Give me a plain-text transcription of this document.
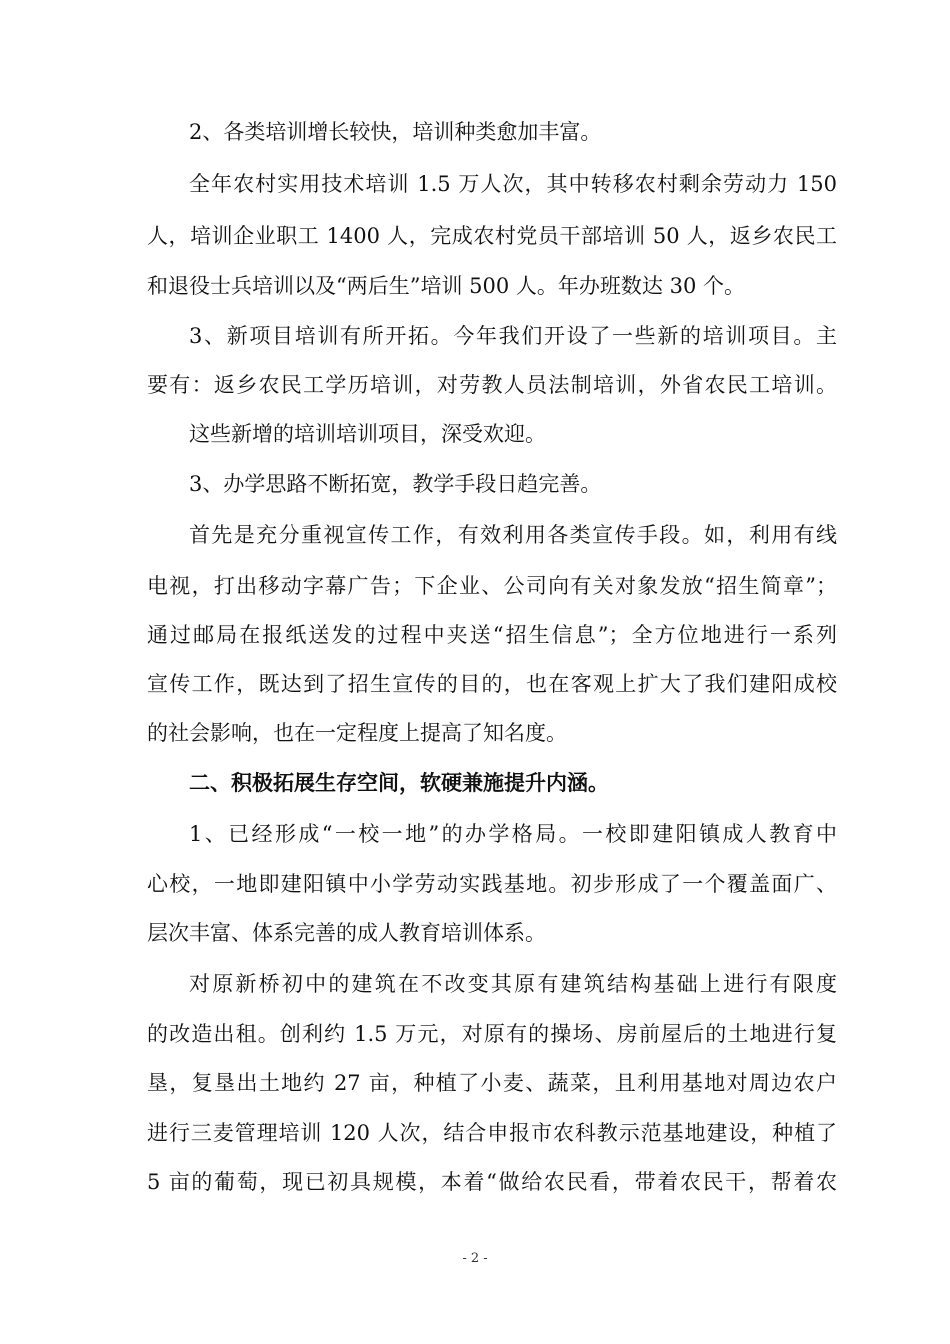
2、各类培训增长较快，培训种类愈加丰富。
全年农村实用技术培训 1.5 万人次，其中转移农村剩余劳动力 150
人，培训企业职工 1400 人，完成农村党员干部培训 50 人，返乡农民工
和退役士兵培训以及“两后生”培训 500 人。年办班数达 30 个。
3、新项目培训有所开拓。今年我们开设了一些新的培训项目。主
要有：返乡农民工学历培训，对劳教人员法制培训，外省农民工培训。
这些新增的培训培训项目，深受欢迎。
3、办学思路不断拓宽，教学手段日趋完善。
首先是充分重视宣传工作，有效利用各类宣传手段。如，利用有线
电视，打出移动字幕广告；下企业、公司向有关对象发放“招生简章”；
通过邮局在报纸送发的过程中夹送“招生信息”；全方位地进行一系列
宣传工作，既达到了招生宣传的目的，也在客观上扩大了我们建阳成校
的社会影响，也在一定程度上提高了知名度。
二、积极拓展生存空间，软硬兼施提升内涵。
1、已经形成“一校一地”的办学格局。一校即建阳镇成人教育中
心校，一地即建阳镇中小学劳动实践基地。初步形成了一个覆盖面广、
层次丰富、体系完善的成人教育培训体系。
对原新桥初中的建筑在不改变其原有建筑结构基础上进行有限度
的改造出租。创利约 1.5 万元，对原有的操场、房前屋后的土地进行复
垦，复垦出土地约 27 亩，种植了小麦、蔬菜，且利用基地对周边农户
进行三麦管理培训 120 人次，结合申报市农科教示范基地建设，种植了
5 亩的葡萄，现已初具规模，本着“做给农民看，带着农民干，帮着农
- 2 -
